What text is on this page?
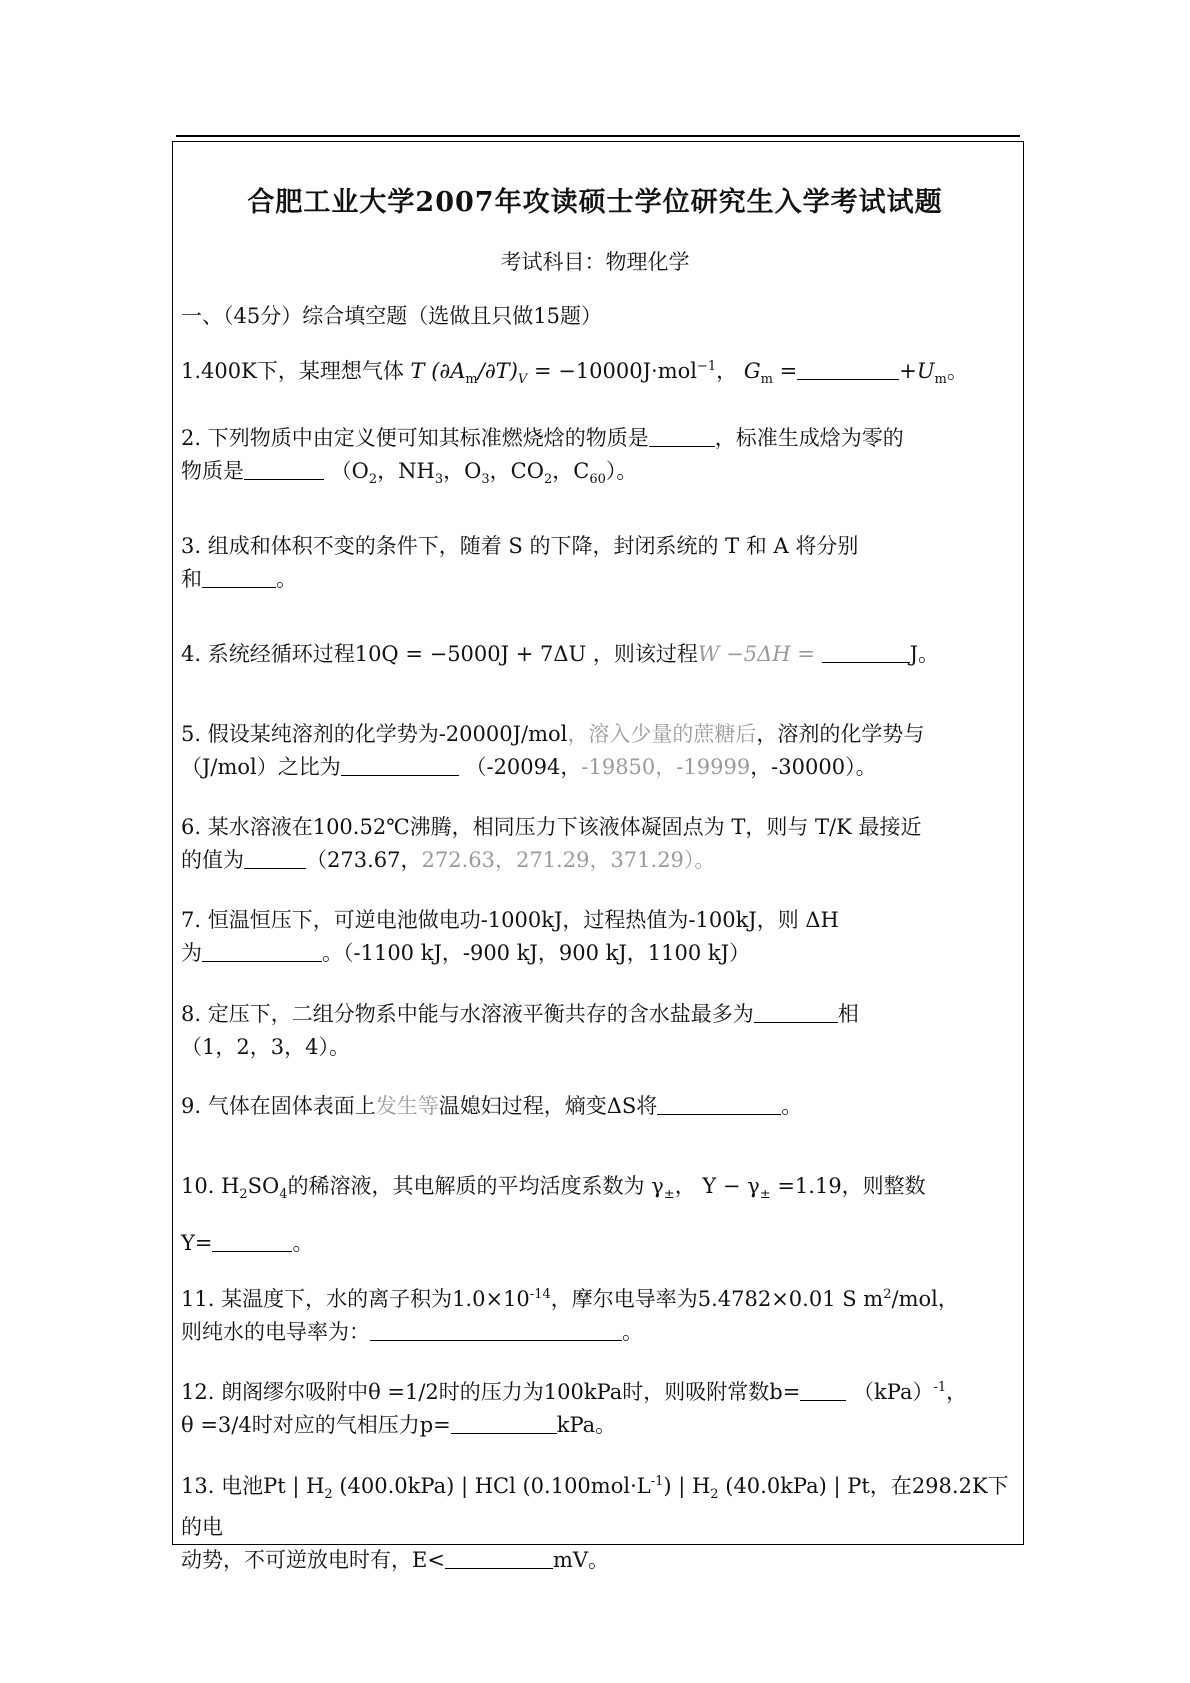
合肥工业大学2007年攻读硕士学位研究生入学考试试题
考试科目：物理化学
一、（45分）综合填空题（选做且只做15题）
1.400K下，某理想气体 T $(\partial A_m/\partial T)_V = -10000J\cdot mol^{-1}$， $G_m$ =	$+U_m$。
2. 下列物质中由定义便可知其标准燃烧焓的物质是	，标准生成焓为零的
物质是	（$O_2$，$NH_3$，$O_3$，$CO_2$，$C_{60}$）。
3. 组成和体积不变的条件下，随着 S 的下降，封闭系统的 T 和 A 将分别
和	。
4. 系统经循环过程10Q = −5000J + 7ΔU ，则该过程W −5ΔH =	J。
5. 假设某纯溶剂的化学势为-20000J/mol，溶入少量的蔗糖后，溶剂的化学势与
（J/mol）之比为	（-20094，-19850，-19999，-30000）。
6. 某水溶液在100.52℃沸腾，相同压力下该液体凝固点为 T，则与 T/K 最接近
的值为	（273.67，272.63，271.29，371.29）。
7. 恒温恒压下，可逆电池做电功-1000kJ，过程热值为-100kJ，则 ΔH
为	。（-1100 kJ，-900 kJ，900 kJ，1100 kJ）
8. 定压下，二组分物系中能与水溶液平衡共存的含水盐最多为	相
（1，2，3，4）。
9. 气体在固体表面上发生等温媳妇过程，熵变ΔS将	。
10. $H_2SO_4$的稀溶液，其电解质的平均活度系数为 $\gamma_\pm$， $Y - \gamma_\pm =1.19$，则整数
Y=	。
11. 某温度下，水的离子积为$1.0\times 10^{-14}$，摩尔电导率为5.4782×0.01 S $m^2$/mol，
则纯水的电导率为：	。
12. 朗阁缪尔吸附中θ =1/2时的压力为100kPa时，则吸附常数b=	（kPa）$^{-1}$，
θ =3/4时对应的气相压力p=	kPa。
13. 电池Pt | $H_2$ (400.0kPa) | HCl $(0.100mol\cdot L^{-1})$ | $H_2$ (40.0kPa) | Pt，在298.2K下的电
动势，不可逆放电时有，E<	mV。
